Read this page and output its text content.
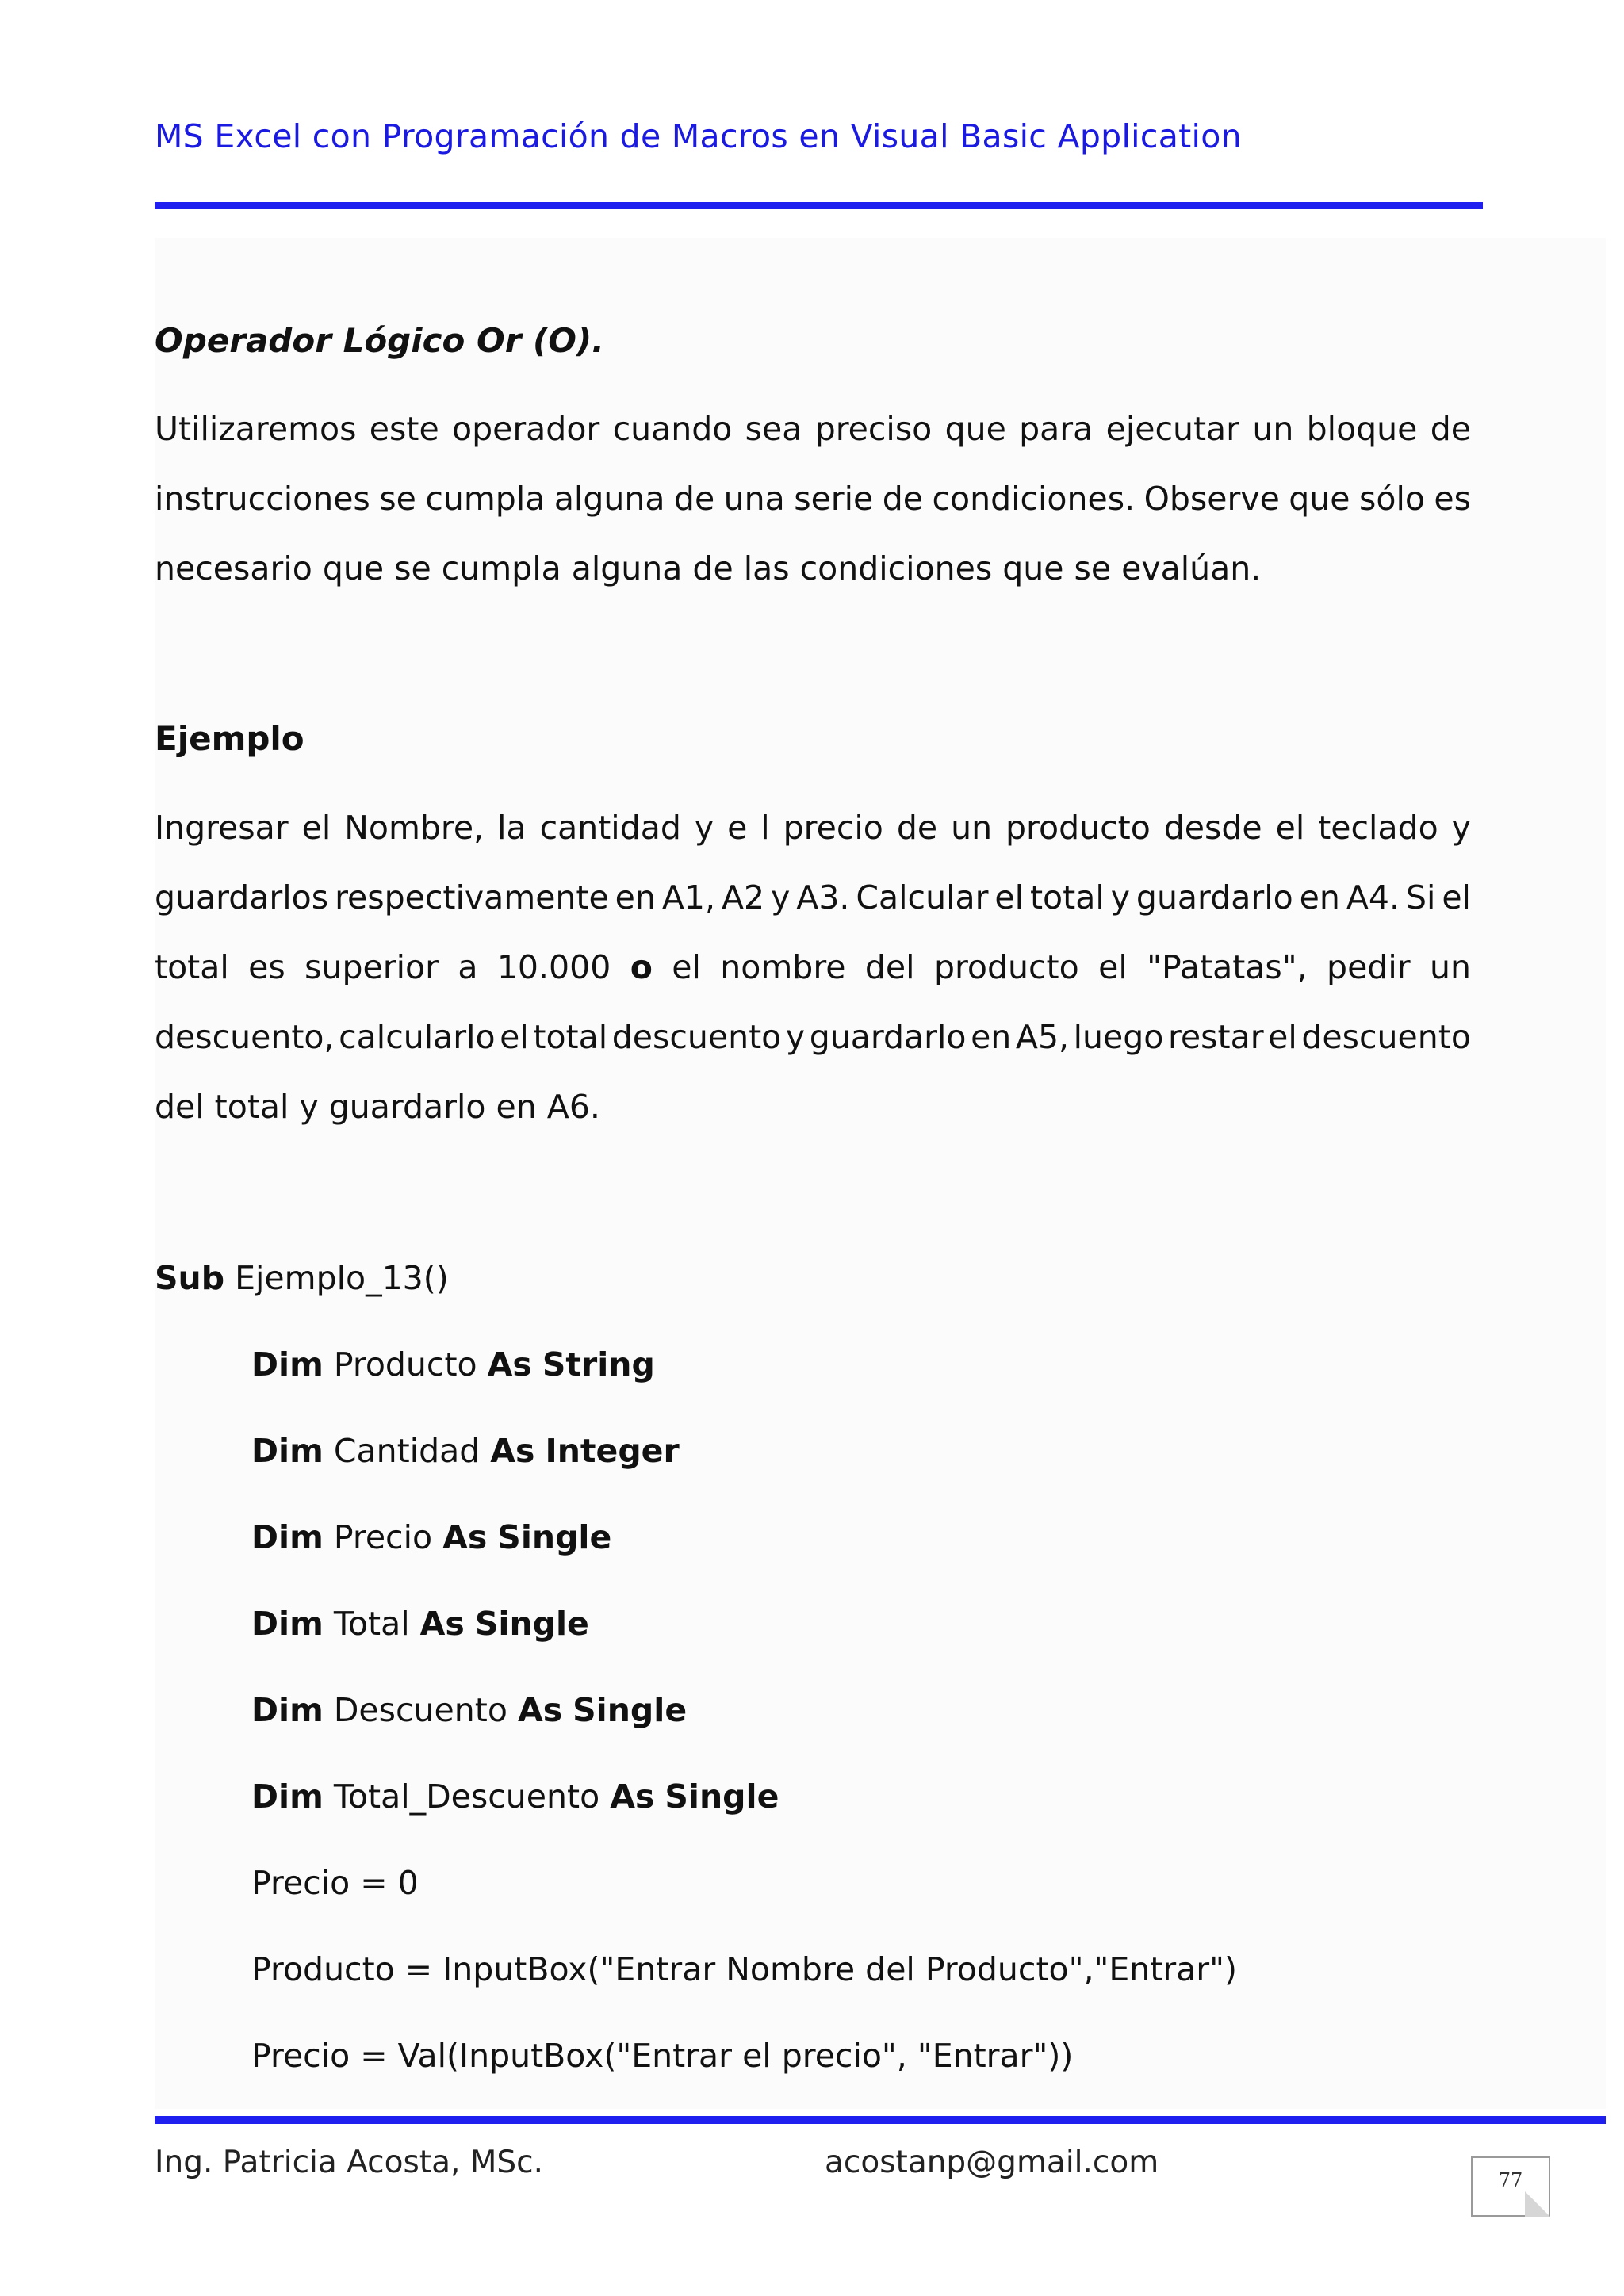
MS Excel con Programación de Macros en Visual Basic Application
Operador Lógico Or (O).
Utilizaremos este operador cuando sea preciso que para ejecutar un bloque de
instrucciones se cumpla alguna de una serie de condiciones. Observe que sólo es
necesario que se cumpla alguna de las condiciones que se evalúan.
Ejemplo
Ingresar el Nombre, la cantidad y e l precio de un producto desde el teclado y
guardarlos respectivamente en A1, A2 y A3. Calcular el total y guardarlo en A4. Si el
total es superior a 10.000 o el nombre del producto el "Patatas", pedir un
descuento, calcularlo el total descuento y guardarlo en A5, luego restar el descuento
del total y guardarlo en A6.
Sub Ejemplo_13()
Dim Producto As String
Dim Cantidad As Integer
Dim Precio As Single
Dim Total As Single
Dim Descuento As Single
Dim Total_Descuento As Single
Precio = 0
Producto = InputBox("Entrar Nombre del Producto","Entrar")
Precio = Val(InputBox("Entrar el precio", "Entrar"))
Ing. Patricia Acosta, MSc.	acostanp@gmail.com	77
